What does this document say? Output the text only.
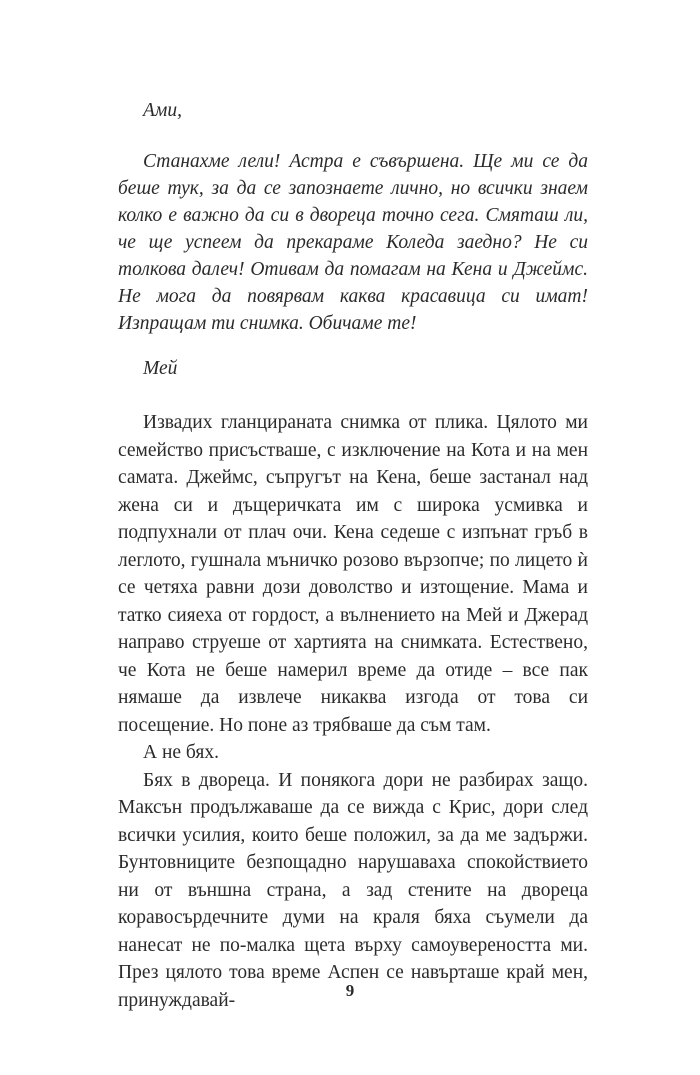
Ами,
Станахме лели! Астра е съвършена. Ще ми се да беше тук, за да се запознаете лично, но всички знаем колко е важно да си в двореца точно сега. Смяташ ли, че ще успеем да прекараме Коледа заедно? Не си толкова далеч! Отивам да помагам на Кена и Джеймс. Не мога да повярвам каква красавица си имат! Изпращам ти снимка. Обичаме те!
Мей

Извадих гланцираната снимка от плика. Цялото ми семейство присъстваше, с изключение на Кота и на мен самата. Джеймс, съпругът на Кена, беше застанал над жена си и дъщеричката им с широка усмивка и подпухнали от плач очи. Кена седеше с изпънат гръб в леглото, гушнала мъничко розово вързопче; по лицето ѝ се четяха равни дози доволство и изтощение. Мама и татко сияеха от гордост, а вълнението на Мей и Джерад направо струеше от хартията на снимката. Естествено, че Кота не беше намерил време да отиде – все пак нямаше да извлече никаква изгода от това си посещение. Но поне аз трябваше да съм там.

А не бях.

Бях в двореца. И понякога дори не разбирах защо. Максън продължаваше да се вижда с Крис, дори след всички усилия, които беше положил, за да ме задържи. Бунтовниците безпощадно нарушаваха спокойствието ни от външна страна, а зад стените на двореца коравосърдечните думи на краля бяха съумели да нанесат не по-малка щета върху самоувереността ми. През цялото това време Аспен се навърташе край мен, принуждавай-	9
